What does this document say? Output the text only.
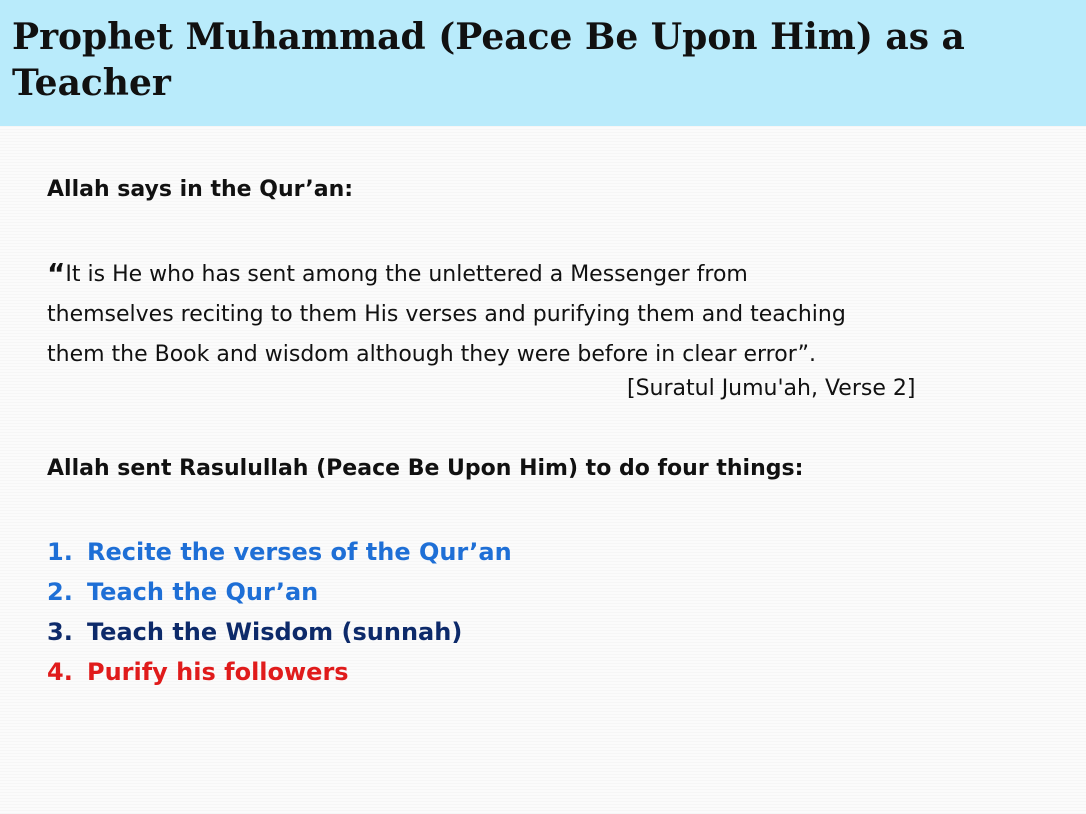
Prophet Muhammad (Peace Be Upon Him) as a Teacher
Allah says in the Qur’an:
“It is He who has sent among the unlettered a Messenger from
themselves reciting to them His verses and purifying them and teaching
them the Book and wisdom although they were before in clear error”.
[Suratul Jumu'ah, Verse 2]
Allah sent Rasulullah (Peace Be Upon Him) to do four things:
1. Recite the verses of the Qur’an
2. Teach the Qur’an
3. Teach the Wisdom (sunnah)
4. Purify his followers
